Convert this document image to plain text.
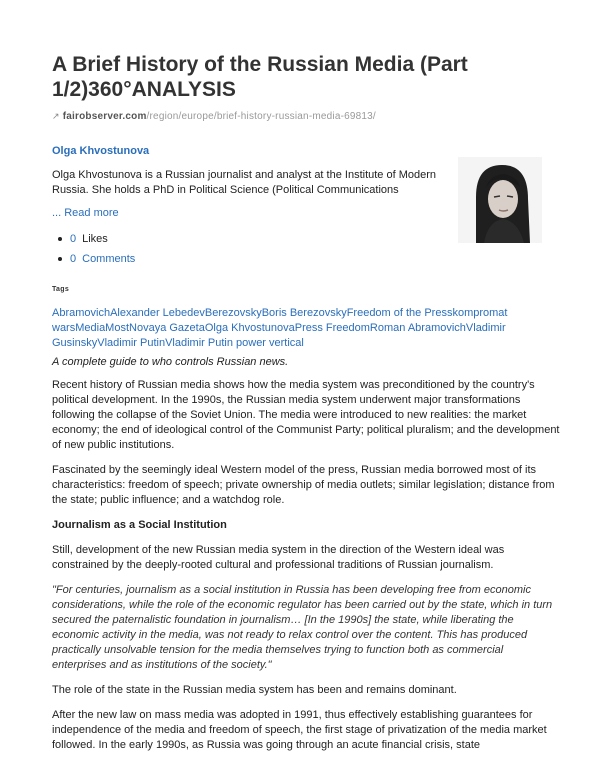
A Brief History of the Russian Media (Part 1/2)360°ANALYSIS
↗︎ fairobserver.com/region/europe/brief-history-russian-media-69813/
Olga Khvostunova

Olga Khvostunova is a Russian journalist and analyst at the Institute of Modern Russia. She holds a PhD in Political Science (Political Communications

... Read more
0 Likes
0 Comments
Tags
AbramovichAlexander LebedevBerezovskyBoris BerezovskyFreedom of the Presskompromat
warsMediaMostNovaya GazetaOlga KhvostunovaPress FreedomRoman AbramovichVladimir
GusinskyVladimir PutinVladimir Putin power vertical

A complete guide to who controls Russian news.

Recent history of Russian media shows how the media system was preconditioned by the country's political development. In the 1990s, the Russian media system underwent major transformations following the collapse of the Soviet Union. The media were introduced to new realities: the market economy; the end of ideological control of the Communist Party; political pluralism; and the development of new public institutions.

Fascinated by the seemingly ideal Western model of the press, Russian media borrowed most of its characteristics: freedom of speech; private ownership of media outlets; similar legislation; distance from the state; public influence; and a watchdog role.

Journalism as a Social Institution

Still, development of the new Russian media system in the direction of the Western ideal was constrained by the deeply-rooted cultural and professional traditions of Russian journalism.

"For centuries, journalism as a social institution in Russia has been developing free from economic considerations, while the role of the economic regulator has been carried out by the state, which in turn secured the paternalistic foundation in journalism… [In the 1990s] the state, while liberating the economic activity in the media, was not ready to relax control over the content. This has produced practically unsolvable tension for the media themselves trying to function both as commercial enterprises and as institutions of the society."

The role of the state in the Russian media system has been and remains dominant.

After the new law on mass media was adopted in 1991, thus effectively establishing guarantees for independence of the media and freedom of speech, the first stage of privatization of the media market followed. In the early 1990s, as Russia was going through an acute financial crisis, state
